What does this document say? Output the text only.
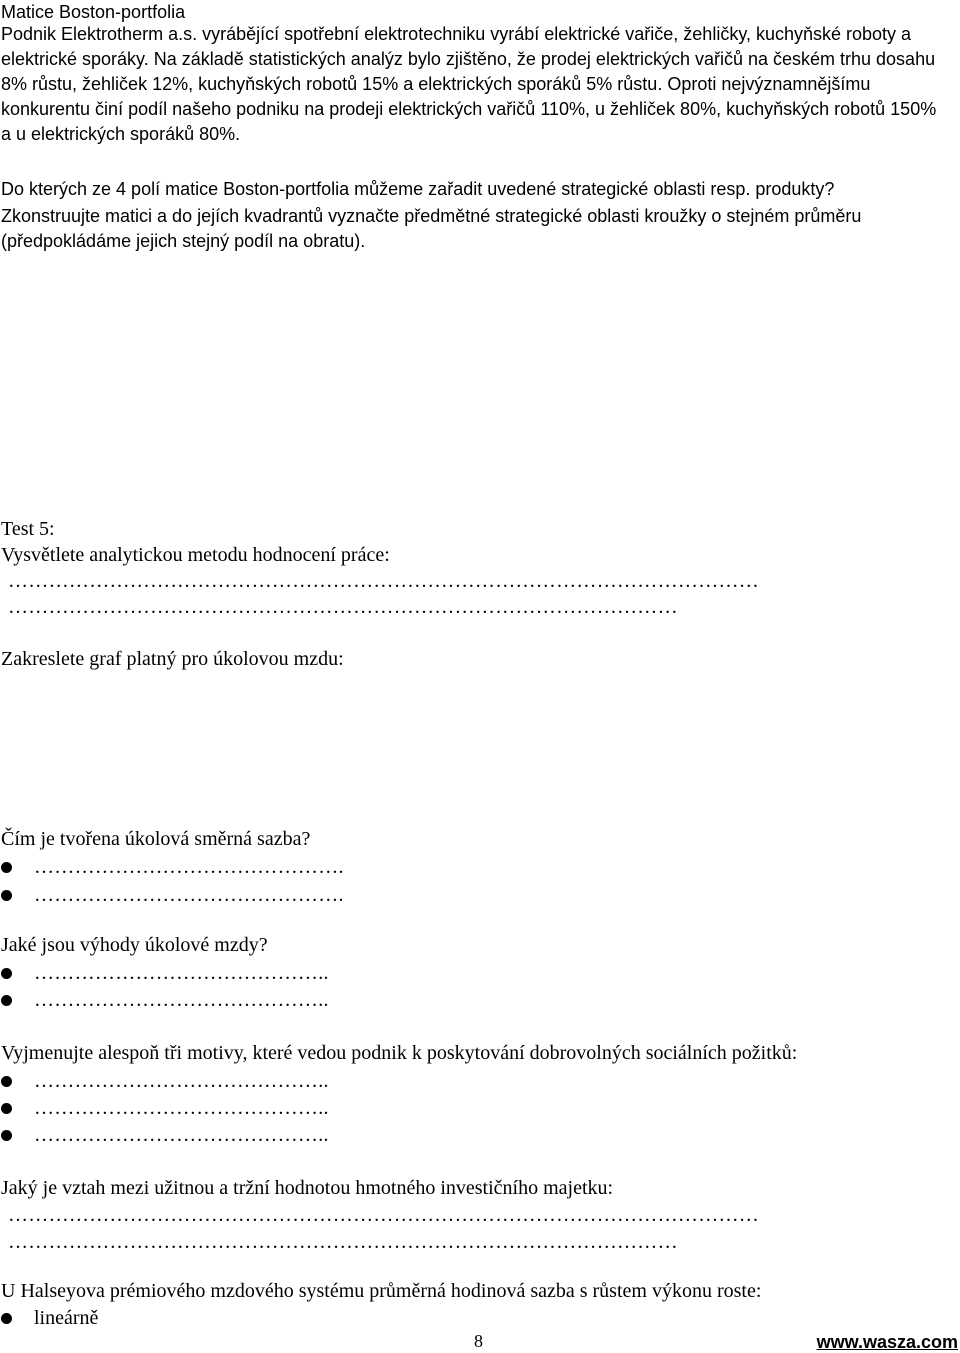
Matice Boston-portfolia

Podnik Elektrotherm a.s. vyrábějící spotřební elektrotechniku vyrábí elektrické vařiče, žehličky, kuchyňské roboty a elektrické sporáky. Na základě statistických analýz bylo zjištěno, že prodej elektrických vařičů na českém trhu dosahu 8% růstu, žehliček 12%, kuchyňských robotů 15% a elektrických sporáků 5% růstu. Oproti nejvýznamnějšímu konkurentu činí podíl našeho podniku na prodeji elektrických vařičů 110%, u žehliček 80%, kuchyňských robotů 150% a u elektrických sporáků 80%.

Do kterých ze 4 polí matice Boston-portfolia můžeme zařadit uvedené strategické oblasti resp. produkty?

Zkonstruujte matici a do jejích kvadrantů vyznačte předmětné strategické oblasti kroužky o stejném průměru (předpokládáme jejich stejný podíl na obratu).

Test 5:

Vysvětlete analytickou metodu hodnocení práce:

…………………………………………………………………………………………………

………………………………………………………………………………………

Zakreslete graf platný pro úkolovou mzdu:

Čím je tvořena úkolová směrná sazba?

……………………………………….
……………………………………….

Jaké jsou výhody úkolové mzdy?

……………………………………..
……………………………………..

Vyjmenujte alespoň tři motivy, které vedou podnik k poskytování dobrovolných sociálních požitků:

……………………………………..
……………………………………..
……………………………………..

Jaký je vztah mezi užitnou a tržní hodnotou hmotného investičního majetku:

…………………………………………………………………………………………………

………………………………………………………………………………………

U Halseyova prémiového mzdového systému průměrná hodinová sazba s růstem výkonu roste:

lineárně
8	www.wasza.com
